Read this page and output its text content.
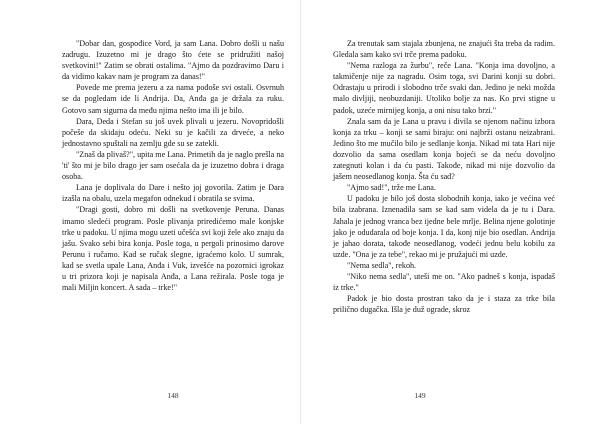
"Dobar dan, gospođice Vord, ja sam Lana. Dobro došli u našu zadrugu. Izuzetno mi je drago što ćete se pridružiti našoj svetkovini!" Zatim se obrati ostalima. "Ajmo da pozdravimo Daru i da vidimo kakav nam je program za danas!"

Povede me prema jezeru a za nama pođoše svi ostali. Osvrnuh se da pogledam ide li Andrija. Da, Anđa ga je držala za ruku. Gotovo sam sigurna da među njima nešto ima ili je bilo.

Dara, Deda i Stefan su još uvek plivali u jezeru. Novopridošli počeše da skidaju odeću. Neki su je kačili za drveće, a neko jednostavno spuštali na zemlju gde su se zatekli.

"Znaš da plivaš?", upita me Lana. Primetih da je naglo prešla na 'ti' što mi je bilo drago jer sam osećala da je izuzetno dobra i draga osoba.

Lana je doplivala do Dare i nešto joj govorila. Zatim je Dara izašla na obalu, uzela megafon odnekud i obratila se svima.

"Dragi gosti, dobro mi došli na svetkovenje Peruna. Danas imamo sledeći program. Posle plivanja priredićemo male konjske trke u padoku. U njima mogu uzeti učešća svi koji žele ako znaju da jašu. Svako sebi bira konja. Posle toga, u pergoli prinosimo darove Perunu i ručamo. Kad se ručak slegne, igraćemo kolo. U sumrak, kad se svetla upale Lana, Anđa i Vuk, izvešće na pozornici igrokaz u tri prizora koji je napisala Anđa, a Lana režirala. Posle toga je mali Miljin koncert. A sada – trke!"

148

Za trenutak sam stajala zbunjena, ne znajući šta treba da radim. Gledala sam kako svi trče prema padoku.

"Nema razloga za žurbu", reče Lana. "Konja ima dovoljno, a takmičenje nije za nagradu. Osim toga, svi Darini konji su dobri. Odrastaju u prirodi i slobodno trče svaki dan. Jedino je neki možda malo divljiji, neobuzdaniji. Utoliko bolje za nas. Ko prvi stigne u padok, uzeće mirnijeg konja, a oni nisu tako brzi."

Znala sam da je Lana u pravu i divila se njenom načinu izbora konja za trku – konji se sami biraju: oni najbrži ostanu neizabrani. Jedino što me mučilo bilo je sedlanje konja. Nikad mi tata Hari nije dozvolio da sama osedlam konja bojeći se da neću dovoljno zategnuti kolan i da ću pasti. Takođe, nikad mi nije dozvolio da jašem neosedlanog konja. Šta ću sad?

"Ajmo sad!", trže me Lana.

U padoku je bilo još dosta slobodnih konja, iako je većina već bila izabrana. Iznenadila sam se kad sam videla da je tu i Dara. Jahala je jednog vranca bez ijedne bele mrlje. Belina njene golotinje jako je odudarala od boje konja. I da, konj nije bio osedlan. Andrija je jahao doratа, takođe neosedlanog, vodeći jednu belu kobilu za uzde. "Ona je za tebe", rekao mi je pružajući mi uzde.

"Nema sedla", rekoh.

"Niko nema sedla", uteši me on. "Ako padneš s konja, ispadaš iz trke."

Padok je bio dosta prostran tako da je i staza za trke bila prilično dugačka. Išla je duž ograde, skroz

149
